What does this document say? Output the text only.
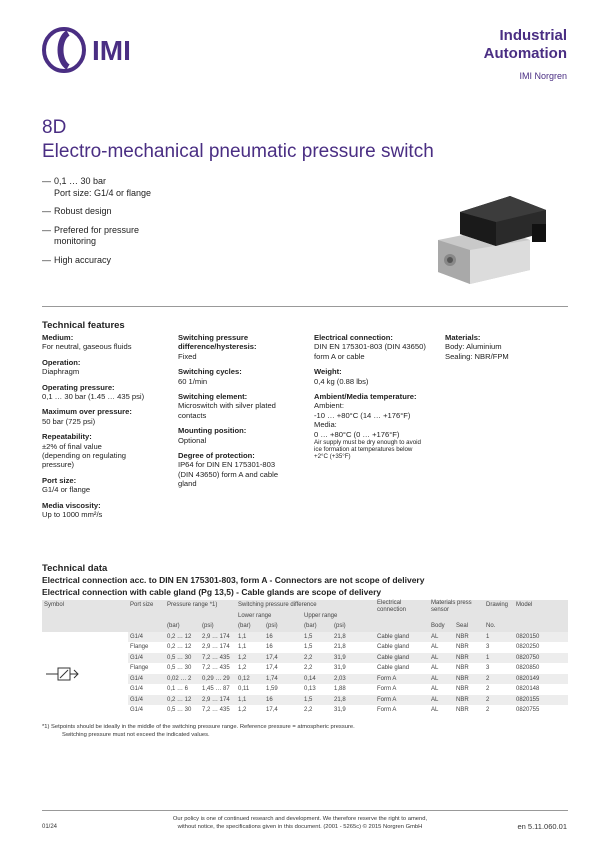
IMI	Industrial
Automation
IMI Norgren
8D
Electro-mechanical pneumatic pressure switch
— 0,1 … 30 bar
Port size: G1/4 or flange
— Robust design
— Prefered for pressure
monitoring
— High accuracy
Technical features
Medium:
For neutral, gaseous fluids
Operation:
Diaphragm
Operating pressure:
0,1 … 30 bar (1.45 … 435 psi)
Maximum over pressure:
50 bar (725 psi)
Repeatability:
±2% of final value (depending on regulating pressure)
Port size:
G1/4 or flange
Media viscosity:
Up to 1000 mm²/s
Switching pressure difference/hysteresis:
Fixed
Switching cycles:
60 1/min
Switching element:
Microswitch with silver plated contacts
Mounting position:
Optional
Degree of protection:
IP64 for DIN EN 175301-803 (DIN 43650) form A and cable gland
Electrical connection:
DIN EN 175301-803 (DIN 43650) form A or cable
Weight:
0,4 kg (0.88 lbs)
Ambient/Media temperature:
Ambient:
-10 … +80°C (14 … +176°F)
Media:
0 … +80°C (0 … +176°F)
Air supply must be dry enough to avoid ice formation at temperatures below +2°C (+35°F)
Materials:
Body: Aluminium
Sealing: NBR/FPM
Technical data
Electrical connection acc. to DIN EN 175301-803, form A - Connectors are not scope of delivery
Electrical connection with cable gland (Pg 13,5) - Cable glands are scope of delivery
Symbol	Port size	Pressure range *1)		Switching pressure difference				Electrical connection	Materials press sensor		Drawing	Model
				Lower range		Upper range						
		(bar)	(psi)	(bar)	(psi)	(bar)	(psi)		Body	Seal	No.	
	G1/4	0,2 … 12	2,9 … 174	1,1	16	1,5	21,8	Cable gland	AL	NBR	1	0820150
	Flange	0,2 … 12	2,9 … 174	1,1	16	1,5	21,8	Cable gland	AL	NBR	3	0820250
	G1/4	0,5 … 30	7,2 … 435	1,2	17,4	2,2	31,9	Cable gland	AL	NBR	1	0820750
	Flange	0,5 … 30	7,2 … 435	1,2	17,4	2,2	31,9	Cable gland	AL	NBR	3	0820850
	G1/4	0,02 … 2	0,29 … 29	0,12	1,74	0,14	2,03	Form A	AL	NBR	2	0820149
	G1/4	0,1 … 6	1,45 … 87	0,11	1,59	0,13	1,88	Form A	AL	NBR	2	0820148
	G1/4	0,2 … 12	2,9 … 174	1,1	16	1,5	21,8	Form A	AL	NBR	2	0820155
	G1/4	0,5 … 30	7,2 … 435	1,2	17,4	2,2	31,9	Form A	AL	NBR	2	0820755
*1) Setpoints should be ideally in the middle of the switching pressure range. Reference pressure = atmospheric pressure.
Switching pressure must not exceed the indicated values.
01/24
Our policy is one of continued research and development. We therefore reserve the right to amend,
without notice, the specifications given in this document. (2001 - 5265c) © 2015 Norgren GmbH	en 5.11.060.01
